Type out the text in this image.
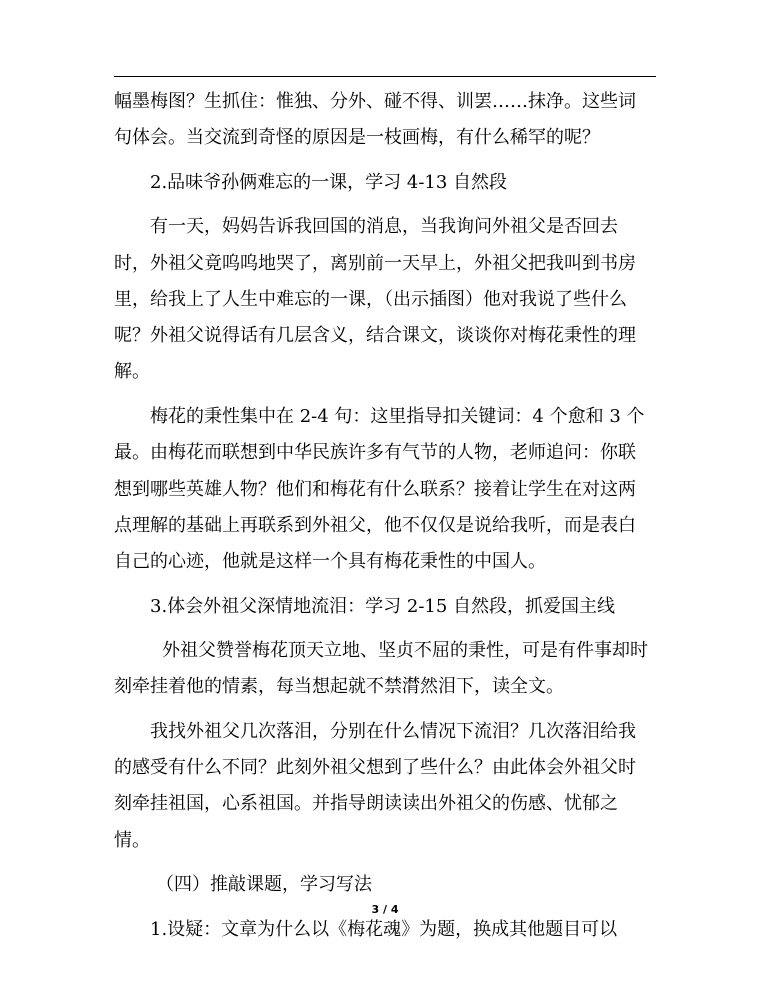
幅墨梅图？生抓住：惟独、分外、碰不得、训罢……抹净。这些词
句体会。当交流到奇怪的原因是一枝画梅，有什么稀罕的呢？
2.品味爷孙俩难忘的一课，学习 4-13 自然段
有一天，妈妈告诉我回国的消息，当我询问外祖父是否回去
时，外祖父竟呜呜地哭了，离别前一天早上，外祖父把我叫到书房
里，给我上了人生中难忘的一课，（出示插图）他对我说了些什么
呢？外祖父说得话有几层含义，结合课文，谈谈你对梅花秉性的理
解。
梅花的秉性集中在 2-4 句：这里指导扣关键词：4 个愈和 3 个
最。由梅花而联想到中华民族许多有气节的人物，老师追问：你联
想到哪些英雄人物？他们和梅花有什么联系？接着让学生在对这两
点理解的基础上再联系到外祖父，他不仅仅是说给我听，而是表白
自己的心迹，他就是这样一个具有梅花秉性的中国人。
3.体会外祖父深情地流泪：学习 2-15 自然段，抓爱国主线
外祖父赞誉梅花顶天立地、坚贞不屈的秉性，可是有件事却时
刻牵挂着他的情素，每当想起就不禁潸然泪下，读全文。
我找外祖父几次落泪，分别在什么情况下流泪？几次落泪给我
的感受有什么不同？此刻外祖父想到了些什么？由此体会外祖父时
刻牵挂祖国，心系祖国。并指导朗读读出外祖父的伤感、忧郁之
情。
（四）推敲课题，学习写法
1.设疑：文章为什么以《梅花魂》为题，换成其他题目可以
3 / 4
